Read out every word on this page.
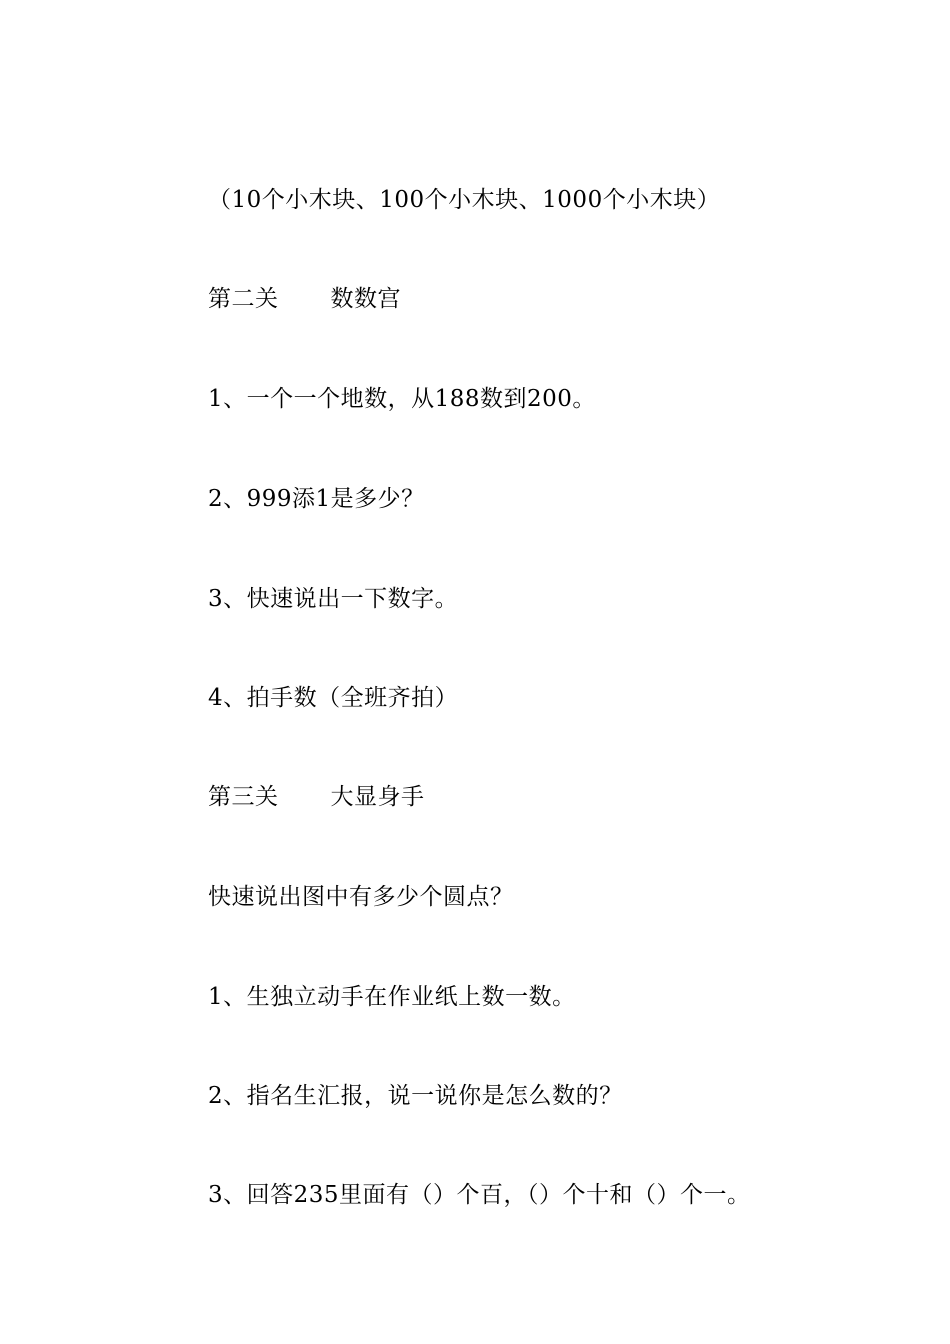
（10个小木块、100个小木块、1000个小木块）
第二关 数数宫
1、一个一个地数，从188数到200。
2、999添1是多少？
3、快速说出一下数字。
4、拍手数（全班齐拍）
第三关 大显身手
快速说出图中有多少个圆点？
1、生独立动手在作业纸上数一数。
2、指名生汇报，说一说你是怎么数的？
3、回答235里面有（）个百，（）个十和（）个一。
